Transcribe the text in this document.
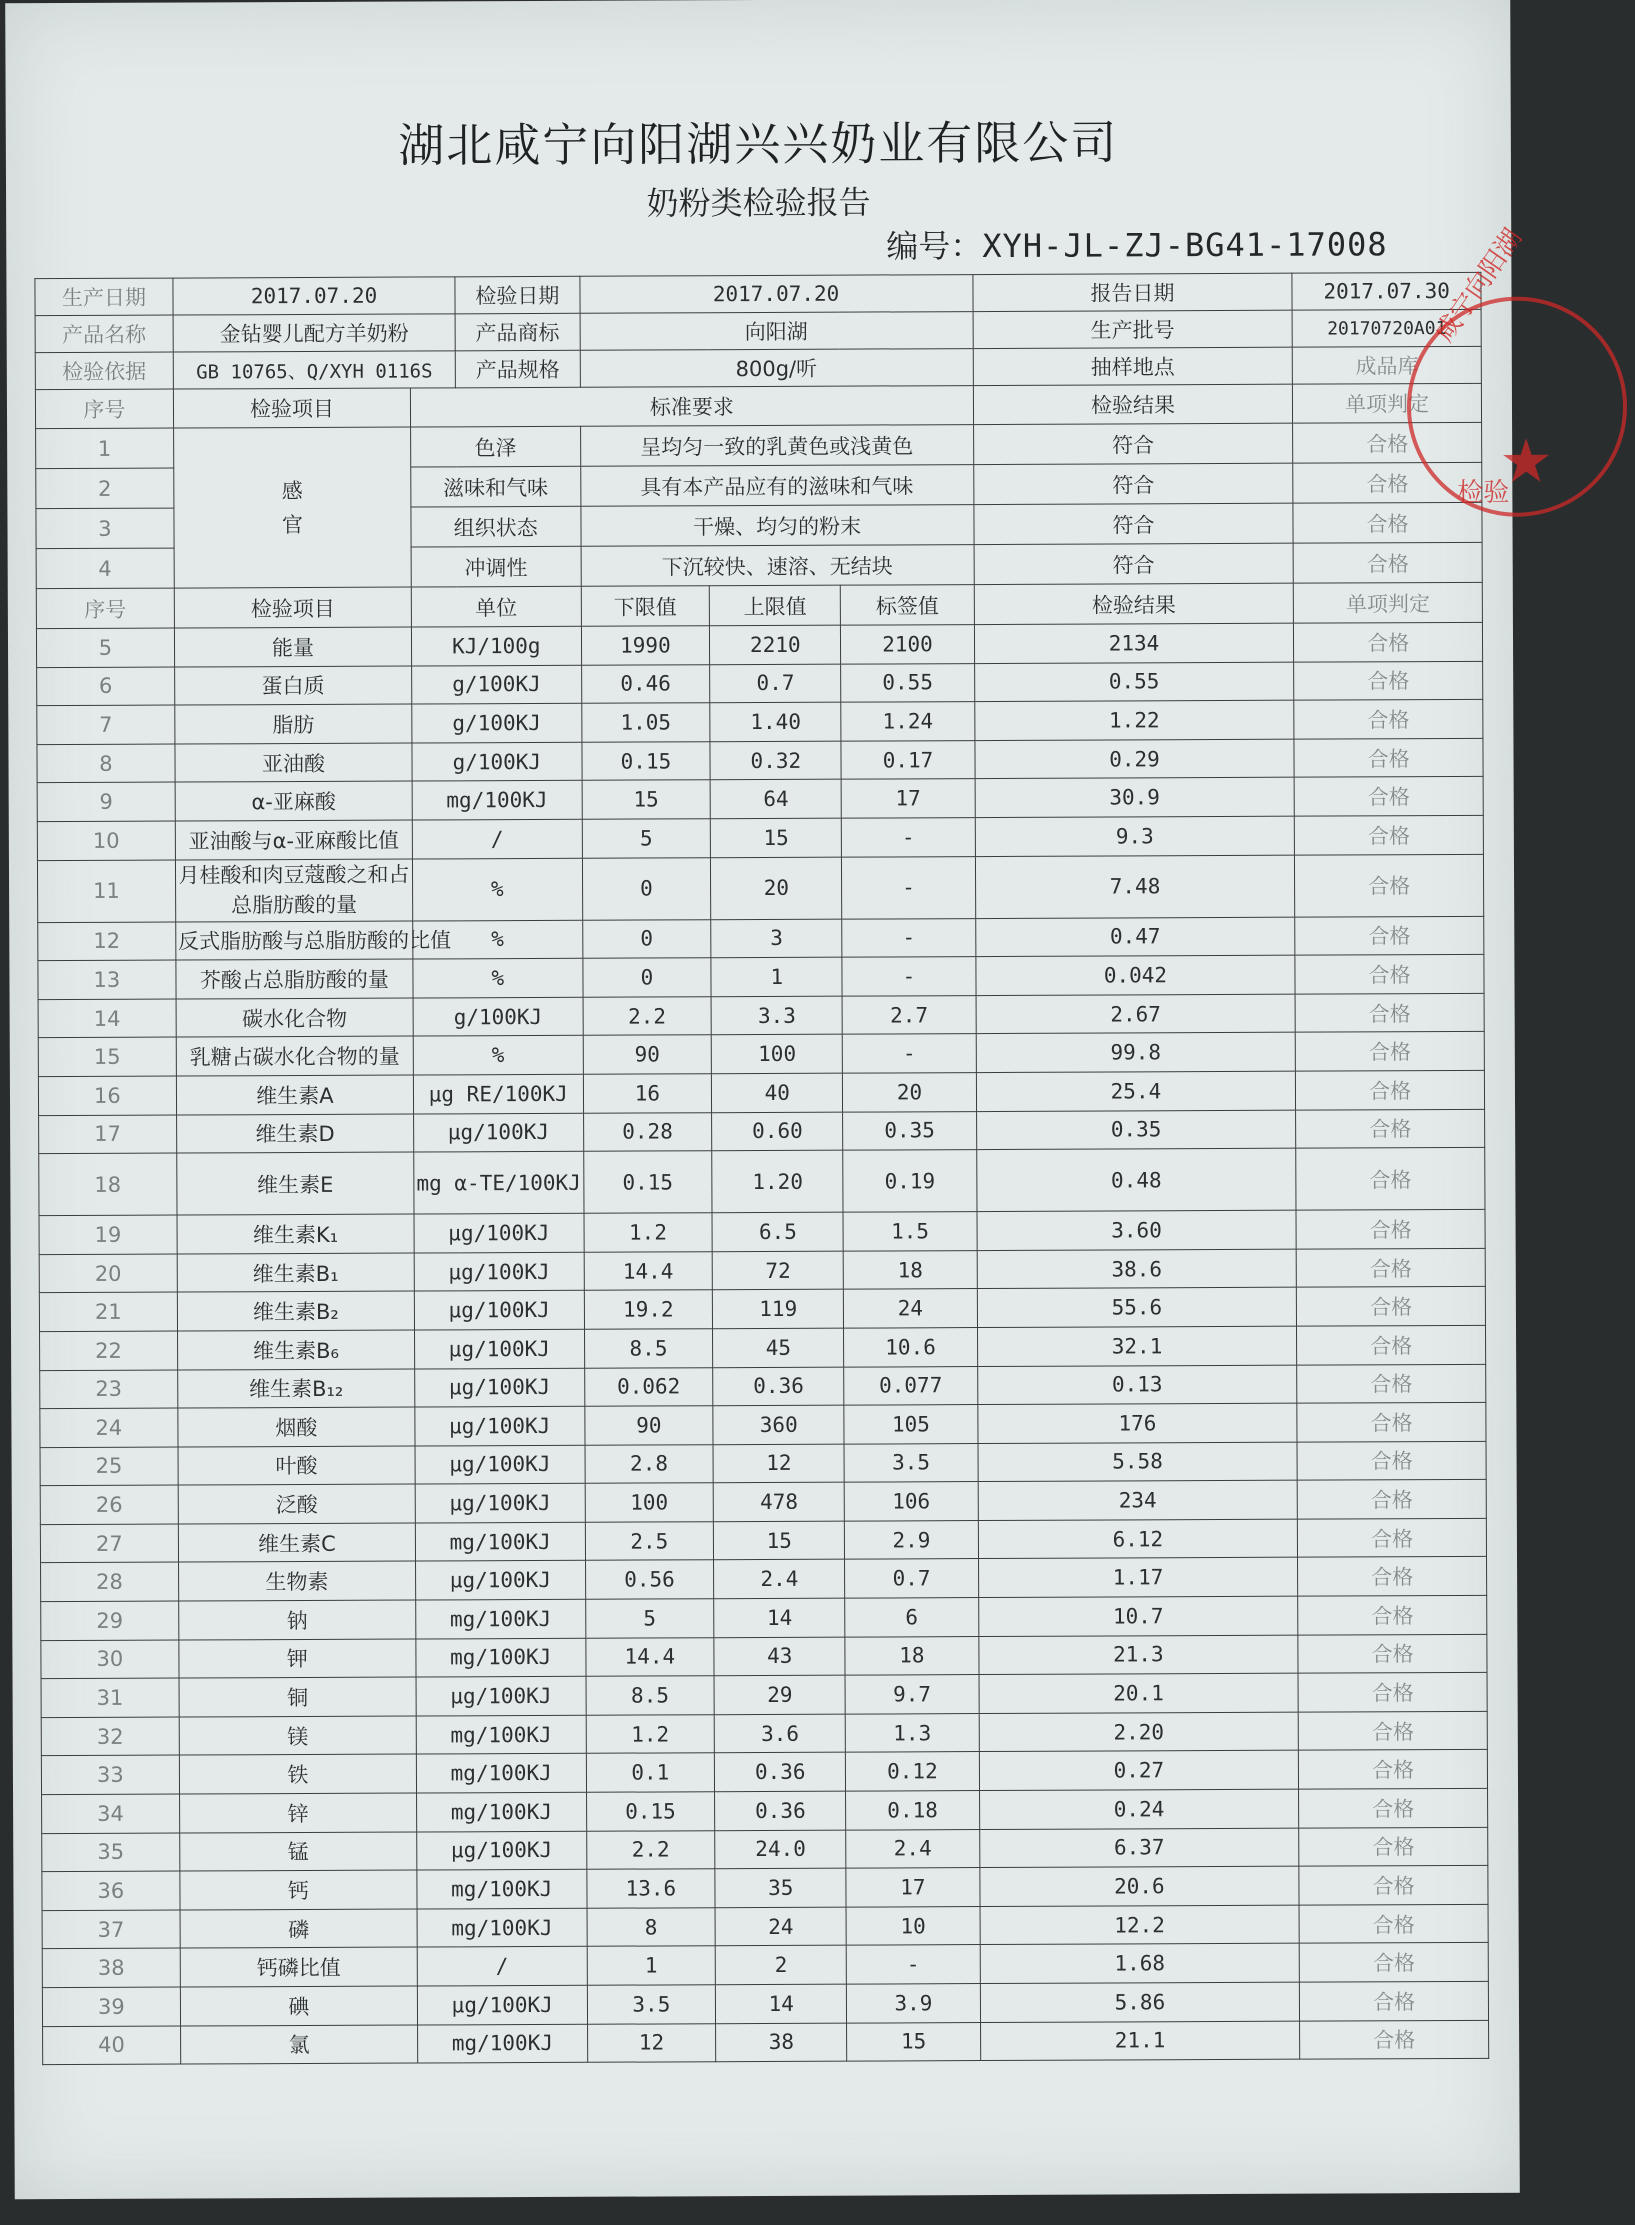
湖北咸宁向阳湖兴兴奶业有限公司
奶粉类检验报告
编号：XYH-JL-ZJ-BG41-17008
生产日期	2017.07.20		检验日期	2017.07.20			报告日期	2017.07.30
产品名称	金钻婴儿配方羊奶粉		产品商标	向阳湖			生产批号	20170720A01
检验依据	GB 10765、Q/XYH 0116S		产品规格	800g/听			抽样地点	成品库
序号	检验项目	标准要求					检验结果	单项判定
1	感官	色泽		呈均匀一致的乳黄色或浅黄色			符合	合格
2		滋味和气味		具有本产品应有的滋味和气味			符合	合格
3		组织状态		干燥、均匀的粉末			符合	合格
4		冲调性		下沉较快、速溶、无结块			符合	合格
序号	检验项目	单位		下限值	上限值	标签值	检验结果	单项判定
5	能量	KJ/100g		1990	2210	2100	2134	合格
6	蛋白质	g/100KJ		0.46	0.7	0.55	0.55	合格
7	脂肪	g/100KJ		1.05	1.40	1.24	1.22	合格
8	亚油酸	g/100KJ		0.15	0.32	0.17	0.29	合格
9	α-亚麻酸	mg/100KJ		15	64	17	30.9	合格
10	亚油酸与α-亚麻酸比值	/		5	15	-	9.3	合格
11	月桂酸和肉豆蔻酸之和占总脂肪酸的量	%		0	20	-	7.48	合格
12	反式脂肪酸与总脂肪酸的比值	%		0	3	-	0.47	合格
13	芥酸占总脂肪酸的量	%		0	1	-	0.042	合格
14	碳水化合物	g/100KJ		2.2	3.3	2.7	2.67	合格
15	乳糖占碳水化合物的量	%		90	100	-	99.8	合格
16	维生素A	μg RE/100KJ		16	40	20	25.4	合格
17	维生素D	μg/100KJ		0.28	0.60	0.35	0.35	合格
18	维生素E	mg α-TE/100KJ		0.15	1.20	0.19	0.48	合格
19	维生素K₁	μg/100KJ		1.2	6.5	1.5	3.60	合格
20	维生素B₁	μg/100KJ		14.4	72	18	38.6	合格
21	维生素B₂	μg/100KJ		19.2	119	24	55.6	合格
22	维生素B₆	μg/100KJ		8.5	45	10.6	32.1	合格
23	维生素B₁₂	μg/100KJ		0.062	0.36	0.077	0.13	合格
24	烟酸	μg/100KJ		90	360	105	176	合格
25	叶酸	μg/100KJ		2.8	12	3.5	5.58	合格
26	泛酸	μg/100KJ		100	478	106	234	合格
27	维生素C	mg/100KJ		2.5	15	2.9	6.12	合格
28	生物素	μg/100KJ		0.56	2.4	0.7	1.17	合格
29	钠	mg/100KJ		5	14	6	10.7	合格
30	钾	mg/100KJ		14.4	43	18	21.3	合格
31	铜	μg/100KJ		8.5	29	9.7	20.1	合格
32	镁	mg/100KJ		1.2	3.6	1.3	2.20	合格
33	铁	mg/100KJ		0.1	0.36	0.12	0.27	合格
34	锌	mg/100KJ		0.15	0.36	0.18	0.24	合格
35	锰	μg/100KJ		2.2	24.0	2.4	6.37	合格
36	钙	mg/100KJ		13.6	35	17	20.6	合格
37	磷	mg/100KJ		8	24	10	12.2	合格
38	钙磷比值	/		1	2	-	1.68	合格
39	碘	μg/100KJ		3.5	14	3.9	5.86	合格
40	氯	mg/100KJ		12	38	15	21.1	合格
咸宁向阳湖
★
检验
